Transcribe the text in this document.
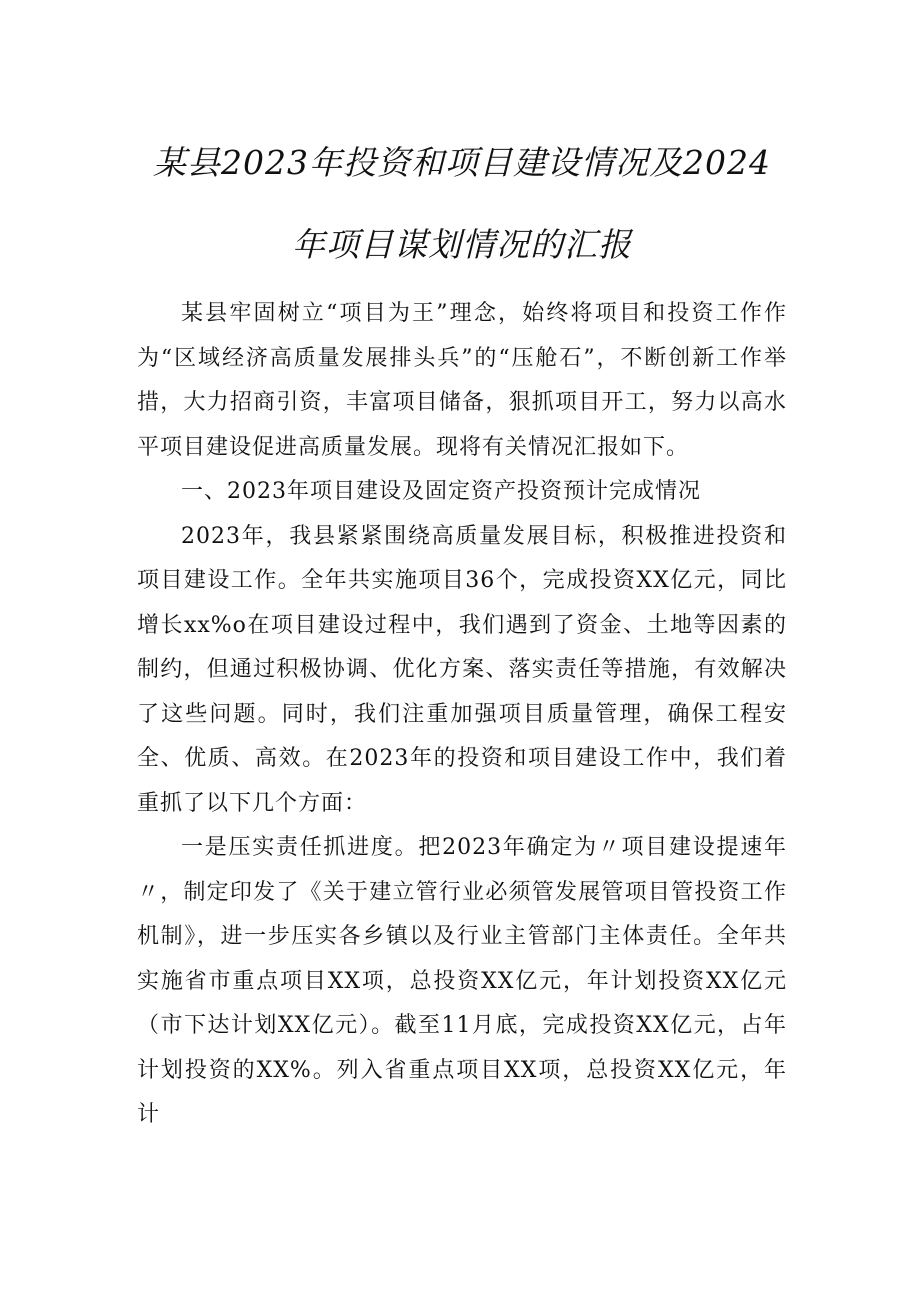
某县2023年投资和项目建设情况及2024
年项目谋划情况的汇报

某县牢固树立“项目为王”理念，始终将项目和投资工作作为“区域经济高质量发展排头兵”的“压舱石”，不断创新工作举措，大力招商引资，丰富项目储备，狠抓项目开工，努力以高水平项目建设促进高质量发展。现将有关情况汇报如下。

一、2023年项目建设及固定资产投资预计完成情况

2023年，我县紧紧围绕高质量发展目标，积极推进投资和项目建设工作。全年共实施项目36个，完成投资XX亿元，同比增长xx%o在项目建设过程中，我们遇到了资金、土地等因素的制约，但通过积极协调、优化方案、落实责任等措施，有效解决了这些问题。同时，我们注重加强项目质量管理，确保工程安全、优质、高效。在2023年的投资和项目建设工作中，我们着重抓了以下几个方面：

一是压实责任抓进度。把2023年确定为〃项目建设提速年〃，制定印发了《关于建立管行业必须管发展管项目管投资工作机制》，进一步压实各乡镇以及行业主管部门主体责任。全年共实施省市重点项目XX项，总投资XX亿元，年计划投资XX亿元（市下达计划XX亿元）。截至11月底，完成投资XX亿元，占年计划投资的XX%。列入省重点项目XX项，总投资XX亿元，年计
